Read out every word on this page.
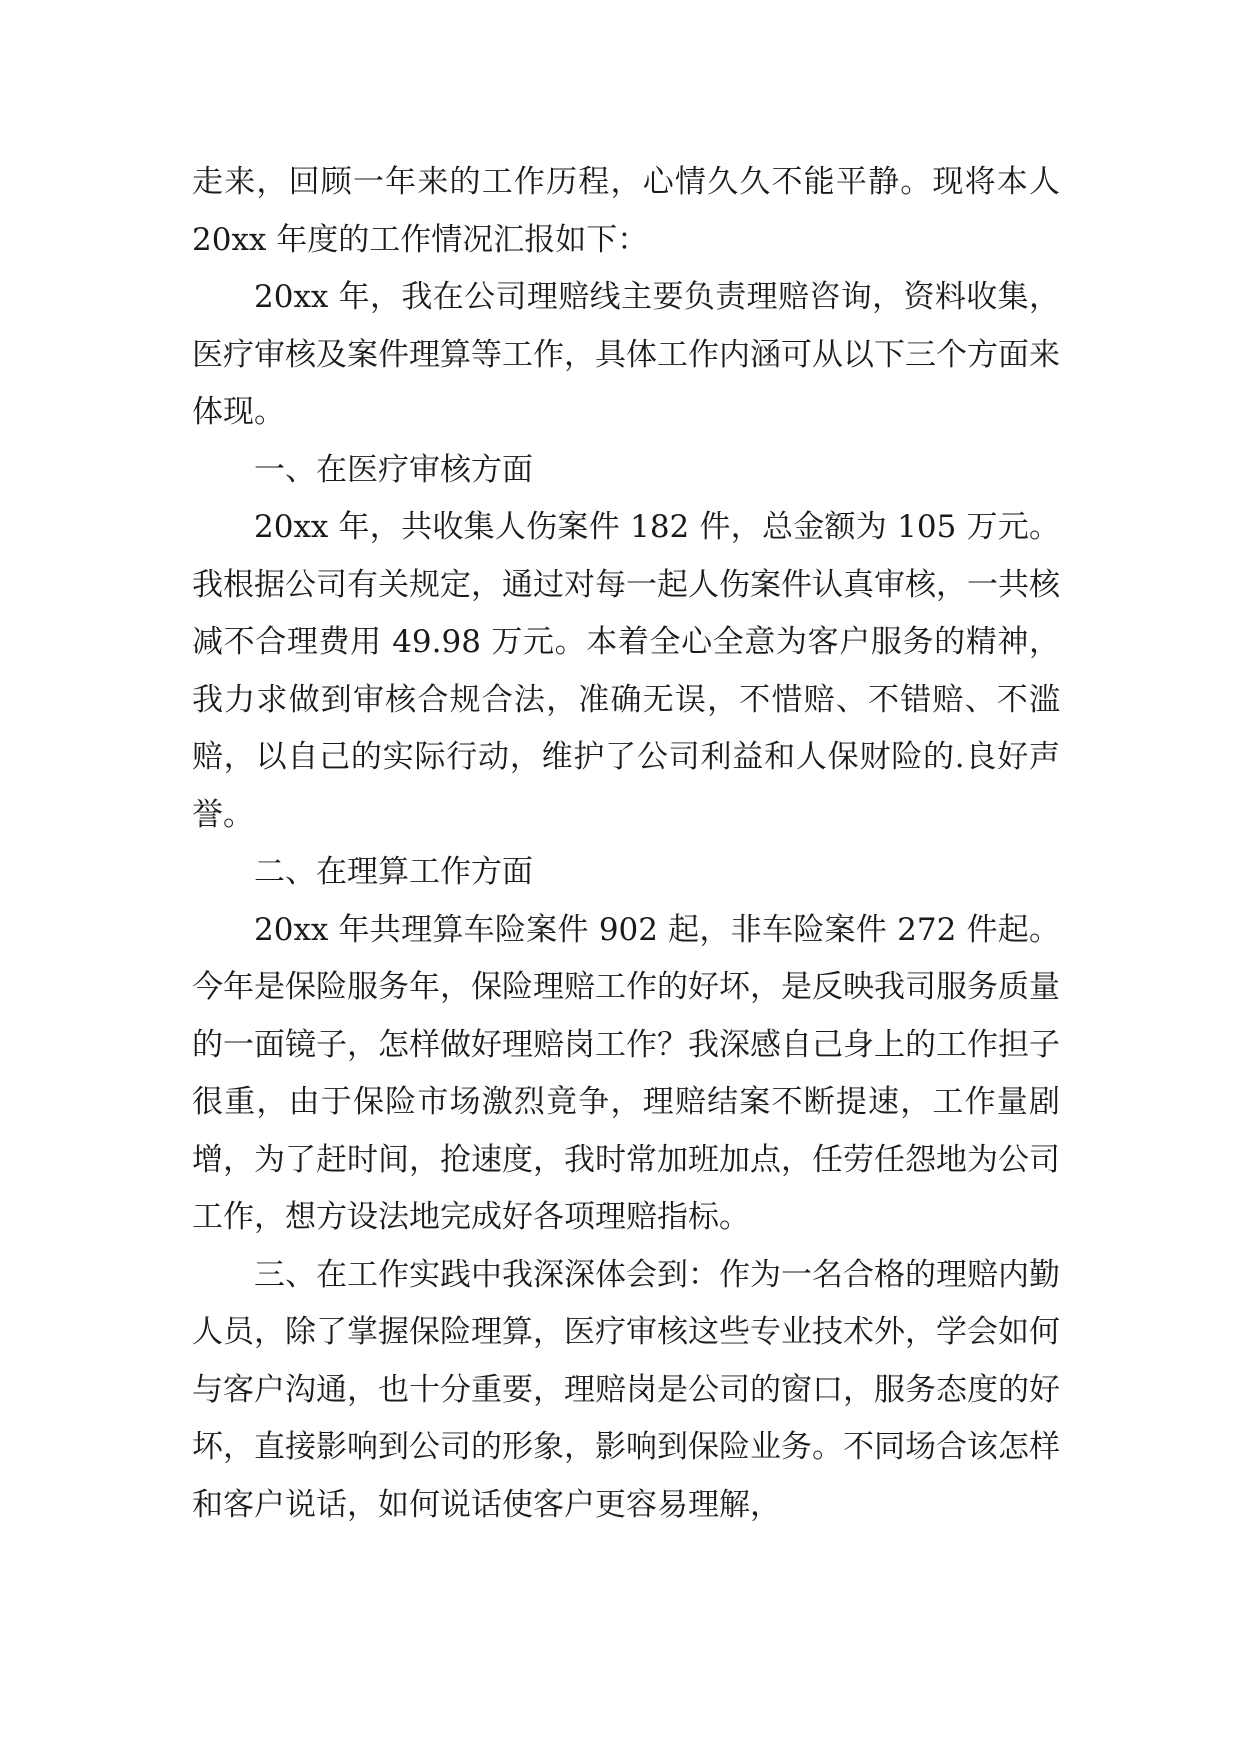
走来，回顾一年来的工作历程，心情久久不能平静。现将本人 20xx 年度的工作情况汇报如下：

20xx 年，我在公司理赔线主要负责理赔咨询，资料收集，医疗审核及案件理算等工作，具体工作内涵可从以下三个方面来体现。

一、在医疗审核方面

20xx 年，共收集人伤案件 182 件，总金额为 105 万元。我根据公司有关规定，通过对每一起人伤案件认真审核，一共核减不合理费用 49.98 万元。本着全心全意为客户服务的精神，我力求做到审核合规合法，准确无误，不惜赔、不错赔、不滥赔，以自己的实际行动，维护了公司利益和人保财险的.良好声誉。

二、在理算工作方面

20xx 年共理算车险案件 902 起，非车险案件 272 件起。今年是保险服务年，保险理赔工作的好坏，是反映我司服务质量的一面镜子，怎样做好理赔岗工作？我深感自己身上的工作担子很重，由于保险市场激烈竟争，理赔结案不断提速，工作量剧增，为了赶时间，抢速度，我时常加班加点，任劳任怨地为公司工作，想方设法地完成好各项理赔指标。

三、在工作实践中我深深体会到：作为一名合格的理赔内勤人员，除了掌握保险理算，医疗审核这些专业技术外，学会如何与客户沟通，也十分重要，理赔岗是公司的窗口，服务态度的好坏，直接影响到公司的形象，影响到保险业务。不同场合该怎样和客户说话，如何说话使客户更容易理解，
